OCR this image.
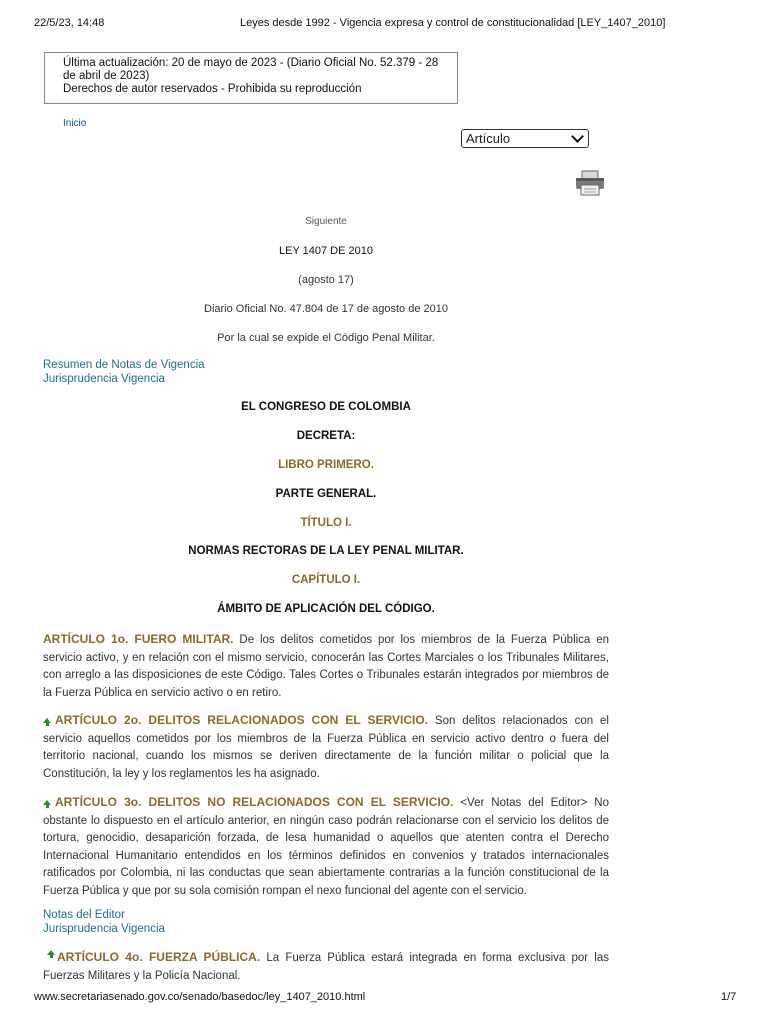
22/5/23, 14:48	Leyes desde 1992 - Vigencia expresa y control de constitucionalidad [LEY_1407_2010]
Última actualización: 20 de mayo de 2023 - (Diario Oficial No. 52.379 - 28 de abril de 2023)
Derechos de autor reservados - Prohibida su reproducción
Inicio
Artículo
Siguiente
LEY 1407 DE 2010
(agosto 17)
Diario Oficial No. 47.804 de 17 de agosto de 2010
Por la cual se expide el Código Penal Militar.
Resumen de Notas de Vigencia
Jurisprudencia Vigencia
EL CONGRESO DE COLOMBIA
DECRETA:
LIBRO PRIMERO.
PARTE GENERAL.
TÍTULO I.
NORMAS RECTORAS DE LA LEY PENAL MILITAR.
CAPÍTULO I.
ÁMBITO DE APLICACIÓN DEL CÓDIGO.
ARTÍCULO 1o. FUERO MILITAR. De los delitos cometidos por los miembros de la Fuerza Pública en servicio activo, y en relación con el mismo servicio, conocerán las Cortes Marciales o los Tribunales Militares, con arreglo a las disposiciones de este Código. Tales Cortes o Tribunales estarán integrados por miembros de la Fuerza Pública en servicio activo o en retiro.
ARTÍCULO 2o. DELITOS RELACIONADOS CON EL SERVICIO. Son delitos relacionados con el servicio aquellos cometidos por los miembros de la Fuerza Pública en servicio activo dentro o fuera del territorio nacional, cuando los mismos se deriven directamente de la función militar o policial que la Constitución, la ley y los reglamentos les ha asignado.
ARTÍCULO 3o. DELITOS NO RELACIONADOS CON EL SERVICIO. <Ver Notas del Editor> No obstante lo dispuesto en el artículo anterior, en ningún caso podrán relacionarse con el servicio los delitos de tortura, genocidio, desaparición forzada, de lesa humanidad o aquellos que atenten contra el Derecho Internacional Humanitario entendidos en los términos definidos en convenios y tratados internacionales ratificados por Colombia, ni las conductas que sean abiertamente contrarias a la función constitucional de la Fuerza Pública y que por su sola comisión rompan el nexo funcional del agente con el servicio.
Notas del Editor
Jurisprudencia Vigencia
ARTÍCULO 4o. FUERZA PÚBLICA. La Fuerza Pública estará integrada en forma exclusiva por las Fuerzas Militares y la Policía Nacional.
www.secretariasenado.gov.co/senado/basedoc/ley_1407_2010.html	1/7
